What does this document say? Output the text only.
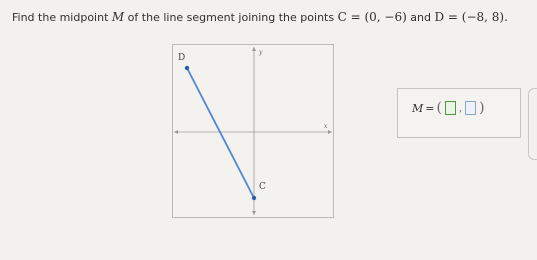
Find the midpoint M of the line segment joining the points C = (0, −6) and D = (−8, 8).
D
C
y
x
M = ( , )
